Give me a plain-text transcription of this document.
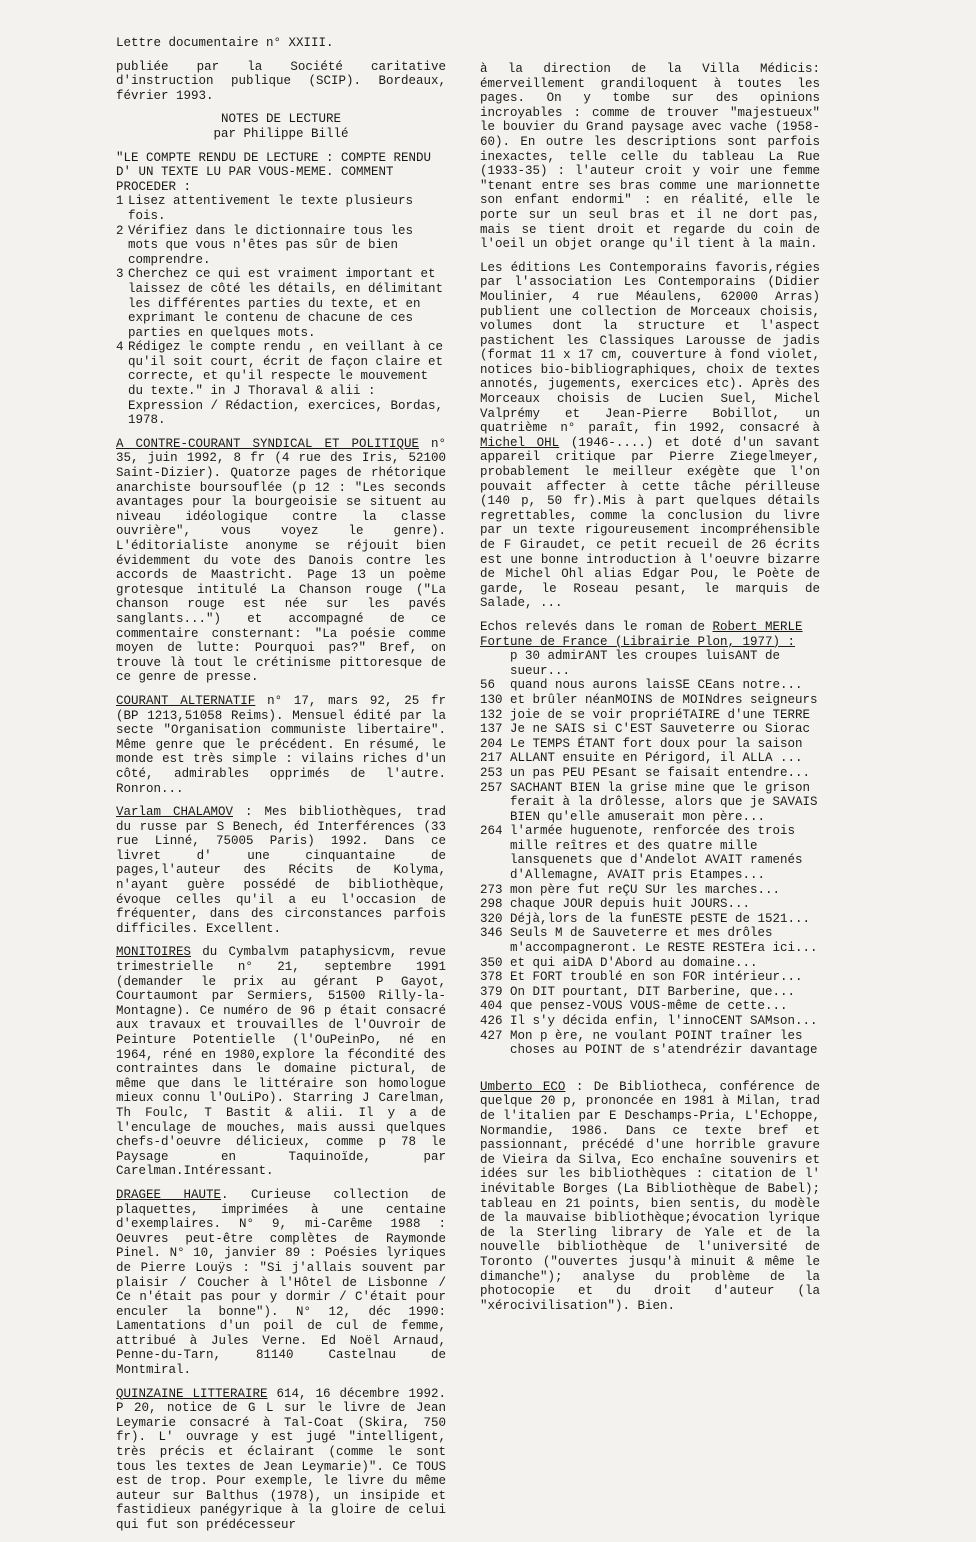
Lettre documentaire n° XXIII.

publiée par la Société caritative d'instruction publique (SCIP). Bordeaux, février 1993.

NOTES DE LECTURE
par Philippe Billé

"LE COMPTE RENDU DE LECTURE : COMPTE RENDU D' UN TEXTE LU PAR VOUS-MEME. COMMENT PROCEDER :

1 Lisez attentivement le texte plusieurs fois.
2 Vérifiez dans le dictionnaire tous les mots que vous n'êtes pas sûr de bien comprendre.
3 Cherchez ce qui est vraiment important et laissez de côté les détails, en délimitant les différentes parties du texte, et en exprimant le contenu de chacune de ces parties en quelques mots.
4 Rédigez le compte rendu , en veillant à ce qu'il soit court, écrit de façon claire et correcte, et qu'il respecte le mouvement du texte." in J Thoraval & alii : Expression / Rédaction, exercices, Bordas, 1978.

A CONTRE-COURANT SYNDICAL ET POLITIQUE n° 35, juin 1992, 8 fr (4 rue des Iris, 52100 Saint-Dizier). Quatorze pages de rhétorique anarchiste boursouflée (p 12 : "Les seconds avantages pour la bourgeoisie se situent au niveau idéologique contre la classe ouvrière", vous voyez le genre). L'éditorialiste anonyme se réjouit bien évidemment du vote des Danois contre les accords de Maastricht. Page 13 un poème grotesque intitulé La Chanson rouge ("La chanson rouge est née sur les pavés sanglants...") et accompagné de ce commentaire consternant: "La poésie comme moyen de lutte: Pourquoi pas?" Bref, on trouve là tout le crétinisme pittoresque de ce genre de presse.

COURANT ALTERNATIF n° 17, mars 92, 25 fr (BP 1213,51058 Reims). Mensuel édité par la secte "Organisation communiste libertaire". Même genre que le précédent. En résumé, le monde est très simple : vilains riches d'un côté, admirables opprimés de l'autre. Ronron...

Varlam CHALAMOV : Mes bibliothèques, trad du russe par S Benech, éd Interférences (33 rue Linné, 75005 Paris) 1992. Dans ce livret d' une cinquantaine de pages,l'auteur des Récits de Kolyma, n'ayant guère possédé de bibliothèque, évoque celles qu'il a eu l'occasion de fréquenter, dans des circonstances parfois difficiles. Excellent.

MONITOIRES du Cymbalvm pataphysicvm, revue trimestrielle n° 21, septembre 1991 (demander le prix au gérant P Gayot, Courtaumont par Sermiers, 51500 Rilly-la-Montagne). Ce numéro de 96 p était consacré aux travaux et trouvailles de l'Ouvroir de Peinture Potentielle (l'OuPeinPo, né en 1964, réné en 1980,explore la fécondité des contraintes dans le domaine pictural, de même que dans le littéraire son homologue mieux connu l'OuLiPo). Starring J Carelman, Th Foulc, T Bastit & alii. Il y a de l'enculage de mouches, mais aussi quelques chefs-d'oeuvre délicieux, comme p 78 le Paysage en Taquinoïde, par Carelman.Intéressant.

DRAGEE HAUTE. Curieuse collection de plaquettes, imprimées à une centaine d'exemplaires. N° 9, mi-Carême 1988 : Oeuvres peut-être complètes de Raymonde Pinel. N° 10, janvier 89 : Poésies lyriques de Pierre Louÿs : "Si j'allais souvent par plaisir / Coucher à l'Hôtel de Lisbonne / Ce n'était pas pour y dormir / C'était pour enculer la bonne"). N° 12, déc 1990: Lamentations d'un poil de cul de femme, attribué à Jules Verne. Ed Noël Arnaud, Penne-du-Tarn, 81140 Castelnau de Montmiral.

QUINZAINE LITTERAIRE 614, 16 décembre 1992. P 20, notice de G L sur le livre de Jean Leymarie consacré à Tal-Coat (Skira, 750 fr). L' ouvrage y est jugé "intelligent, très précis et éclairant (comme le sont tous les textes de Jean Leymarie)". Ce TOUS est de trop. Pour exemple, le livre du même auteur sur Balthus (1978), un insipide et fastidieux panégyrique à la gloire de celui qui fut son prédécesseur

à la direction de la Villa Médicis: émerveillement grandiloquent à toutes les pages. On y tombe sur des opinions incroyables : comme de trouver "majestueux" le bouvier du Grand paysage avec vache (1958-60). En outre les descriptions sont parfois inexactes, telle celle du tableau La Rue (1933-35) : l'auteur croit y voir une femme "tenant entre ses bras comme une marionnette son enfant endormi" : en réalité, elle le porte sur un seul bras et il ne dort pas, mais se tient droit et regarde du coin de l'oeil un objet orange qu'il tient à la main.

Les éditions Les Contemporains favoris,régies par l'association Les Contemporains (Didier Moulinier, 4 rue Méaulens, 62000 Arras) publient une collection de Morceaux choisis, volumes dont la structure et l'aspect pastichent les Classiques Larousse de jadis (format 11 x 17 cm, couverture à fond violet, notices bio-bibliographiques, choix de textes annotés, jugements, exercices etc). Après des Morceaux choisis de Lucien Suel, Michel Valprémy et Jean-Pierre Bobillot, un quatrième n° paraît, fin 1992, consacré à Michel OHL (1946-....) et doté d'un savant appareil critique par Pierre Ziegelmeyer, probablement le meilleur exégète que l'on pouvait affecter à cette tâche périlleuse (140 p, 50 fr).Mis à part quelques détails regrettables, comme la conclusion du livre par un texte rigoureusement incompréhensible de F Giraudet, ce petit recueil de 26 écrits est une bonne introduction à l'oeuvre bizarre de Michel Ohl alias Edgar Pou, le Poète de garde, le Roseau pesant, le marquis de Salade, ...

Echos relevés dans le roman de Robert MERLE
Fortune de France (Librairie Plon, 1977) :
p 30 admirANT les croupes luisANT de sueur...
56	quand nous aurons laisSE CEans notre...
130 et brûler néanMOINS de MOINdres seigneurs
132 joie de se voir propriéTAIRE d'une TERRE
137 Je ne SAIS si C'EST Sauveterre ou Siorac
204 Le TEMPS ÉTANT fort doux pour la saison
217 ALLANT ensuite en Périgord, il ALLA ...
253 un pas PEU PEsant se faisait entendre...
257 SACHANT BIEN la grise mine que le grison ferait à la drôlesse, alors que je SAVAIS BIEN qu'elle amuserait mon père...
264 l'armée huguenote, renforcée des trois mille reîtres et des quatre mille lansquenets que d'Andelot AVAIT ramenés d'Allemagne, AVAIT pris Etampes...
273 mon père fut reÇU SUr les marches...
298 chaque JOUR depuis huit JOURS...
320 Déjà,lors de la funESTE pESTE de 1521...
346 Seuls M de Sauveterre et mes drôles m'accompagneront. Le RESTE RESTEra ici...
350 et qui aiDA D'Abord au domaine...
378 Et FORT troublé en son FOR intérieur...
379 On DIT pourtant, DIT Barberine, que...
404 que pensez-VOUS VOUS-même de cette...
426 Il s'y décida enfin, l'innoCENT SAMson...
427 Mon p ère, ne voulant POINT traîner les choses au POINT de s'atendrézir davantage

Umberto ECO : De Bibliotheca, conférence de quelque 20 p, prononcée en 1981 à Milan, trad de l'italien par E Deschamps-Pria, L'Echoppe, Normandie, 1986. Dans ce texte bref et passionnant, précédé d'une horrible gravure de Vieira da Silva, Eco enchaîne souvenirs et idées sur les bibliothèques : citation de l' inévitable Borges (La Bibliothèque de Babel); tableau en 21 points, bien sentis, du modèle de la mauvaise bibliothèque;évocation lyrique de la Sterling library de Yale et de la nouvelle bibliothèque de l'université de Toronto ("ouvertes jusqu'à minuit & même le dimanche"); analyse du problème de la photocopie et du droit d'auteur (la "xérocivilisation"). Bien.
